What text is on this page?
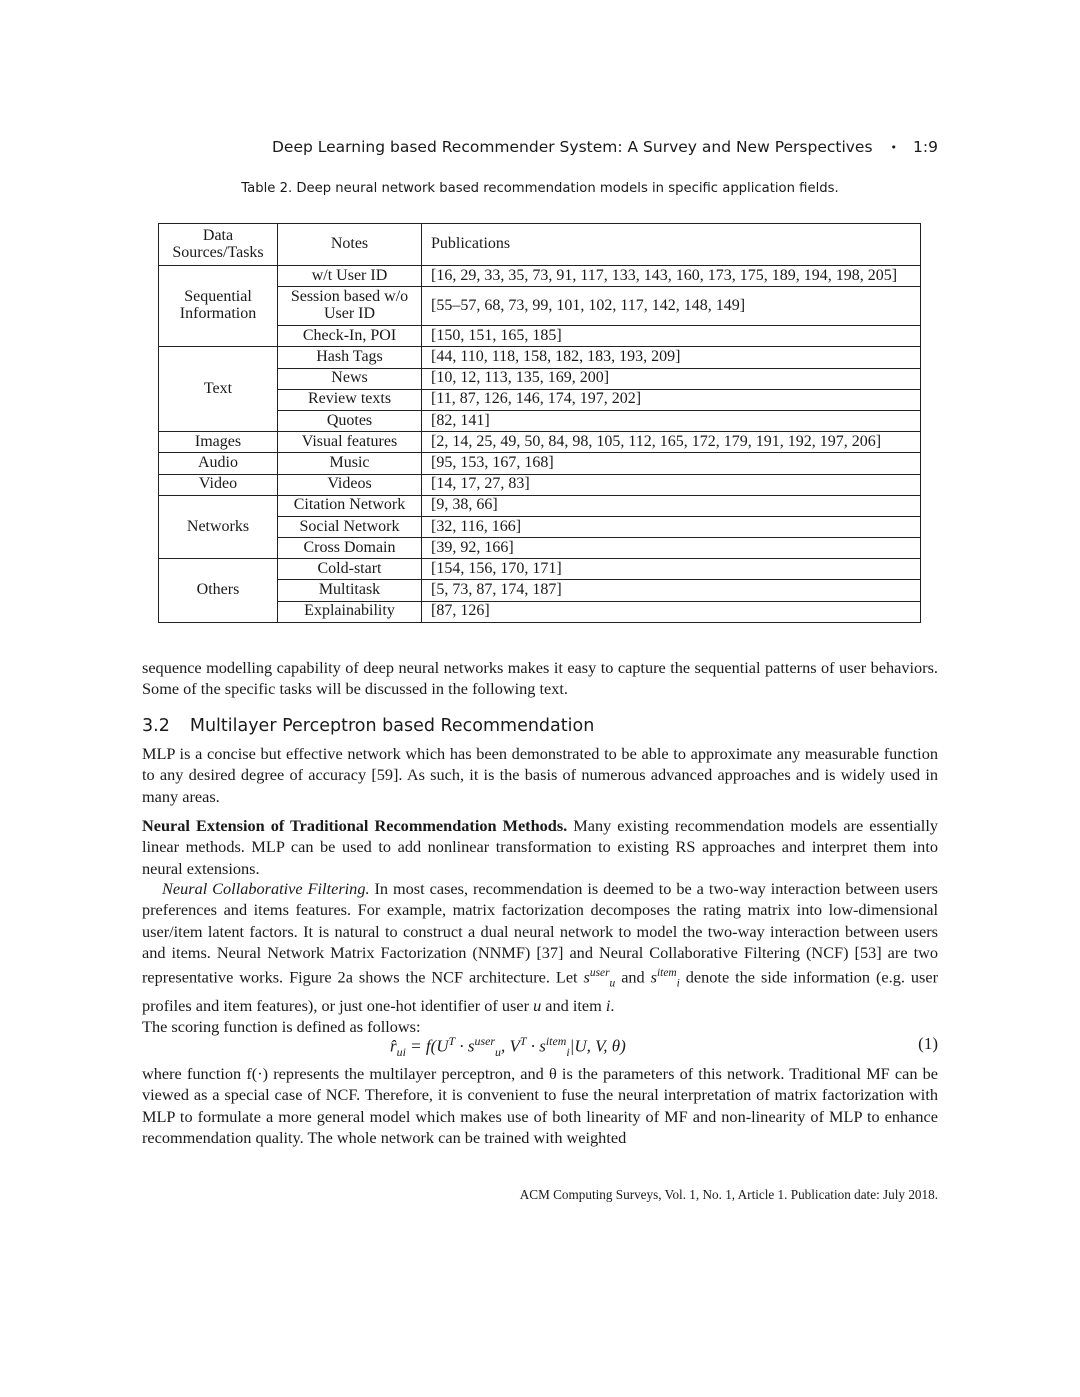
Deep Learning based Recommender System: A Survey and New Perspectives • 1:9
Table 2. Deep neural network based recommendation models in specific application fields.
Data Sources/Tasks	Notes	Publications
Sequential Information	w/t User ID	[16, 29, 33, 35, 73, 91, 117, 133, 143, 160, 173, 175, 189, 194, 198, 205]
	Session based w/o User ID	[55–57, 68, 73, 99, 101, 102, 117, 142, 148, 149]
	Check-In, POI	[150, 151, 165, 185]
Text	Hash Tags	[44, 110, 118, 158, 182, 183, 193, 209]
	News	[10, 12, 113, 135, 169, 200]
	Review texts	[11, 87, 126, 146, 174, 197, 202]
	Quotes	[82, 141]
Images	Visual features	[2, 14, 25, 49, 50, 84, 98, 105, 112, 165, 172, 179, 191, 192, 197, 206]
Audio	Music	[95, 153, 167, 168]
Video	Videos	[14, 17, 27, 83]
Networks	Citation Network	[9, 38, 66]
	Social Network	[32, 116, 166]
	Cross Domain	[39, 92, 166]
Others	Cold-start	[154, 156, 170, 171]
	Multitask	[5, 73, 87, 174, 187]
	Explainability	[87, 126]
sequence modelling capability of deep neural networks makes it easy to capture the sequential patterns of user behaviors. Some of the specific tasks will be discussed in the following text.
3.2 Multilayer Perceptron based Recommendation
MLP is a concise but effective network which has been demonstrated to be able to approximate any measurable function to any desired degree of accuracy [59]. As such, it is the basis of numerous advanced approaches and is widely used in many areas.
Neural Extension of Traditional Recommendation Methods. Many existing recommendation models are essentially linear methods. MLP can be used to add nonlinear transformation to existing RS approaches and interpret them into neural extensions.
Neural Collaborative Filtering. In most cases, recommendation is deemed to be a two-way interaction between users preferences and items features. For example, matrix factorization decomposes the rating matrix into low-dimensional user/item latent factors. It is natural to construct a dual neural network to model the two-way interaction between users and items. Neural Network Matrix Factorization (NNMF) [37] and Neural Collaborative Filtering (NCF) [53] are two representative works. Figure 2a shows the NCF architecture. Let $s^{user}_u$ and $s^{item}_i$ denote the side information (e.g. user profiles and item features), or just one-hot identifier of user u and item i.
The scoring function is defined as follows:
$r̂_{ui} = f(U^T \cdot s^{user}_u$, $V^T \cdot s^{item}_i|U$, V, θ)	(1)
where function f(·) represents the multilayer perceptron, and θ is the parameters of this network. Traditional MF can be viewed as a special case of NCF. Therefore, it is convenient to fuse the neural interpretation of matrix factorization with MLP to formulate a more general model which makes use of both linearity of MF and non-linearity of MLP to enhance recommendation quality. The whole network can be trained with weighted
ACM Computing Surveys, Vol. 1, No. 1, Article 1. Publication date: July 2018.
